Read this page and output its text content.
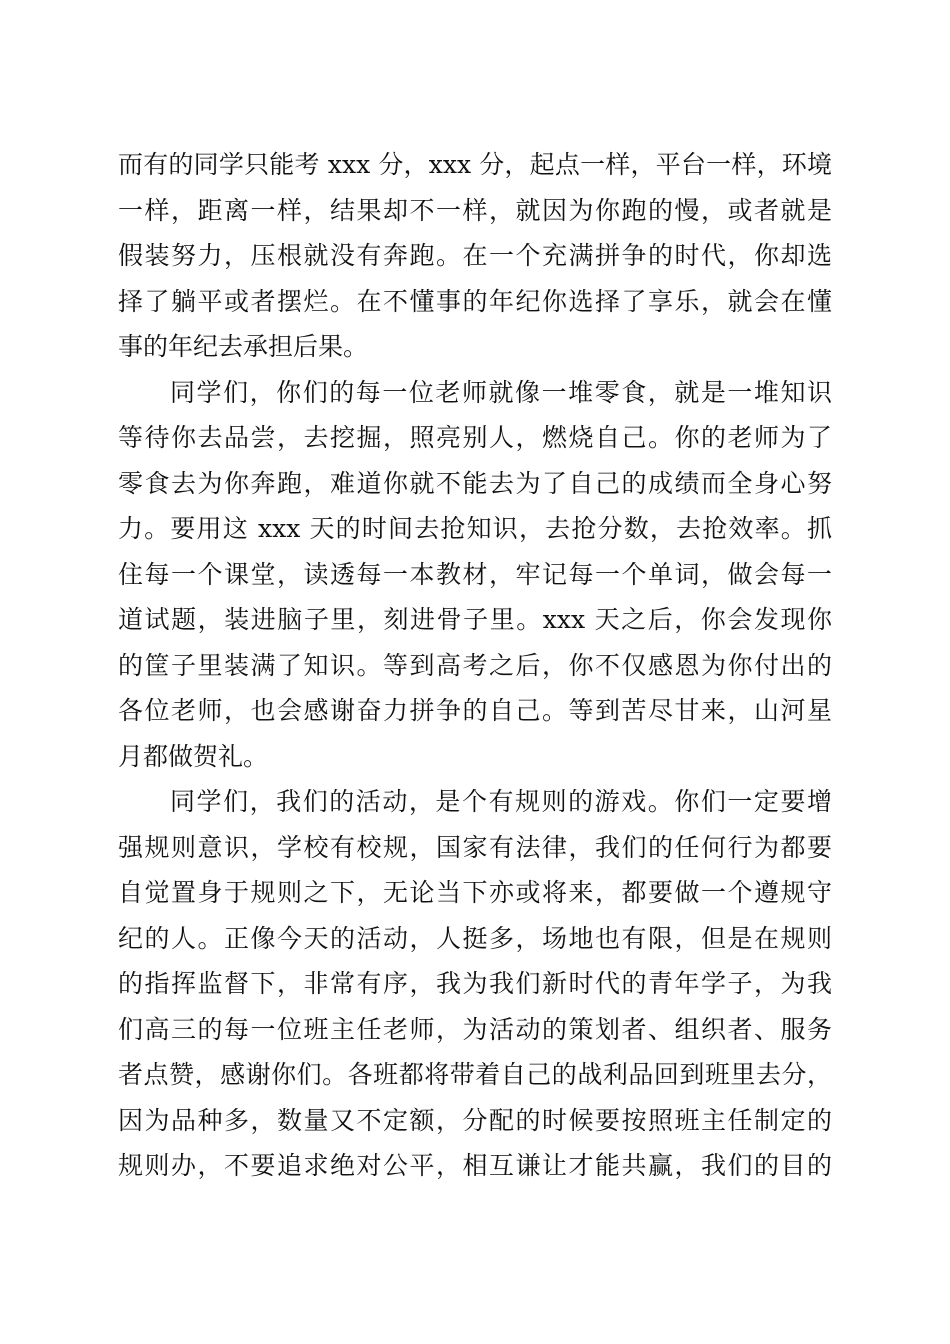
而有的同学只能考 xxx 分，xxx 分，起点一样，平台一样，环境
一样，距离一样，结果却不一样，就因为你跑的慢，或者就是
假装努力，压根就没有奔跑。在一个充满拼争的时代，你却选
择了躺平或者摆烂。在不懂事的年纪你选择了享乐，就会在懂
事的年纪去承担后果。
同学们，你们的每一位老师就像一堆零食，就是一堆知识
等待你去品尝，去挖掘，照亮别人，燃烧自己。你的老师为了
零食去为你奔跑，难道你就不能去为了自己的成绩而全身心努
力。要用这 xxx 天的时间去抢知识，去抢分数，去抢效率。抓
住每一个课堂，读透每一本教材，牢记每一个单词，做会每一
道试题，装进脑子里，刻进骨子里。xxx 天之后，你会发现你
的筐子里装满了知识。等到高考之后，你不仅感恩为你付出的
各位老师，也会感谢奋力拼争的自己。等到苦尽甘来，山河星
月都做贺礼。
同学们，我们的活动，是个有规则的游戏。你们一定要增
强规则意识，学校有校规，国家有法律，我们的任何行为都要
自觉置身于规则之下，无论当下亦或将来，都要做一个遵规守
纪的人。正像今天的活动，人挺多，场地也有限，但是在规则
的指挥监督下，非常有序，我为我们新时代的青年学子，为我
们高三的每一位班主任老师，为活动的策划者、组织者、服务
者点赞，感谢你们。各班都将带着自己的战利品回到班里去分，
因为品种多，数量又不定额，分配的时候要按照班主任制定的
规则办，不要追求绝对公平，相互谦让才能共赢，我们的目的
